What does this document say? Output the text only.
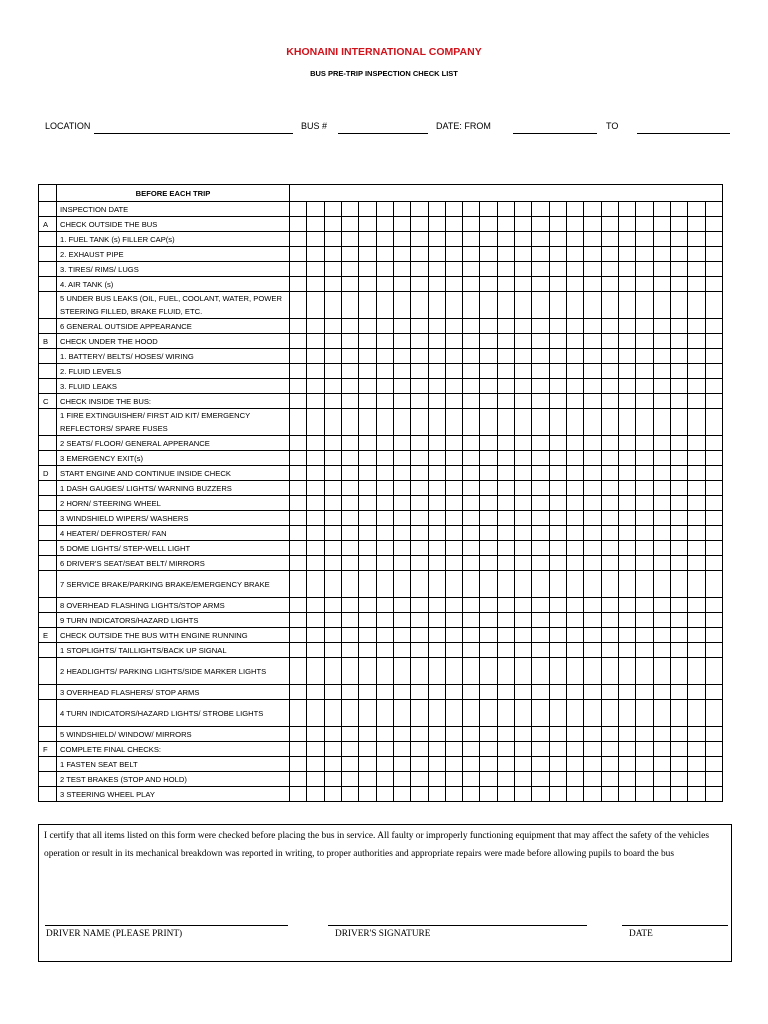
KHONAINI INTERNATIONAL COMPANY
BUS PRE-TRIP INSPECTION CHECK LIST
LOCATION	BUS #	DATE: FROM	TO
	BEFORE EACH TRIP																									
	INSPECTION DATE																									
A	CHECK OUTSIDE THE BUS																									
	1. FUEL TANK (s) FILLER CAP(s)																									
	2. EXHAUST PIPE																									
	3. TIRES/ RIMS/ LUGS																									
	4. AIR TANK (s)																									
	5 UNDER BUS LEAKS (OIL, FUEL, COOLANT, WATER, POWER STEERING FILLED, BRAKE FLUID, ETC.																									
	6 GENERAL OUTSIDE APPEARANCE																									
B	CHECK UNDER THE HOOD																									
	1. BATTERY/ BELTS/ HOSES/ WIRING																									
	2. FLUID LEVELS																									
	3. FLUID LEAKS																									
C	CHECK INSIDE THE BUS:																									
	1 FIRE EXTINGUISHER/ FIRST AID KIT/ EMERGENCY REFLECTORS/ SPARE FUSES																									
	2 SEATS/ FLOOR/ GENERAL APPERANCE																									
	3 EMERGENCY EXIT(s)																									
D	START ENGINE AND CONTINUE INSIDE CHECK																									
	1 DASH GAUGES/ LIGHTS/ WARNING BUZZERS																									
	2 HORN/ STEERING WHEEL																									
	3 WINDSHIELD WIPERS/ WASHERS																									
	4 HEATER/ DEFROSTER/ FAN																									
	5 DOME LIGHTS/ STEP-WELL LIGHT																									
	6 DRIVER'S SEAT/SEAT BELT/ MIRRORS																									
	7 SERVICE BRAKE/PARKING BRAKE/EMERGENCY BRAKE																									
	8 OVERHEAD FLASHING LIGHTS/STOP ARMS																									
	9 TURN INDICATORS/HAZARD LIGHTS																									
E	CHECK OUTSIDE THE BUS WITH ENGINE RUNNING																									
	1 STOPLIGHTS/ TAILLIGHTS/BACK UP SIGNAL																									
	2 HEADLIGHTS/ PARKING LIGHTS/SIDE MARKER LIGHTS																									
	3 OVERHEAD FLASHERS/ STOP ARMS																									
	4 TURN INDICATORS/HAZARD LIGHTS/ STROBE LIGHTS																									
	5 WINDSHIELD/ WINDOW/ MIRRORS																									
F	COMPLETE FINAL CHECKS:																									
	1 FASTEN SEAT BELT																									
	2 TEST BRAKES (STOP AND HOLD)																									
	3 STEERING WHEEL PLAY																									
I certify that all items listed on this form were checked before placing the bus in service. All faulty or improperly functioning equipment that may affect the safety of the vehicles operation or result in its mechanical breakdown was reported in writing, to proper authorities and appropriate repairs were made before allowing pupils to board the bus
DRIVER NAME (PLEASE PRINT)	DRIVER'S SIGNATURE	DATE
